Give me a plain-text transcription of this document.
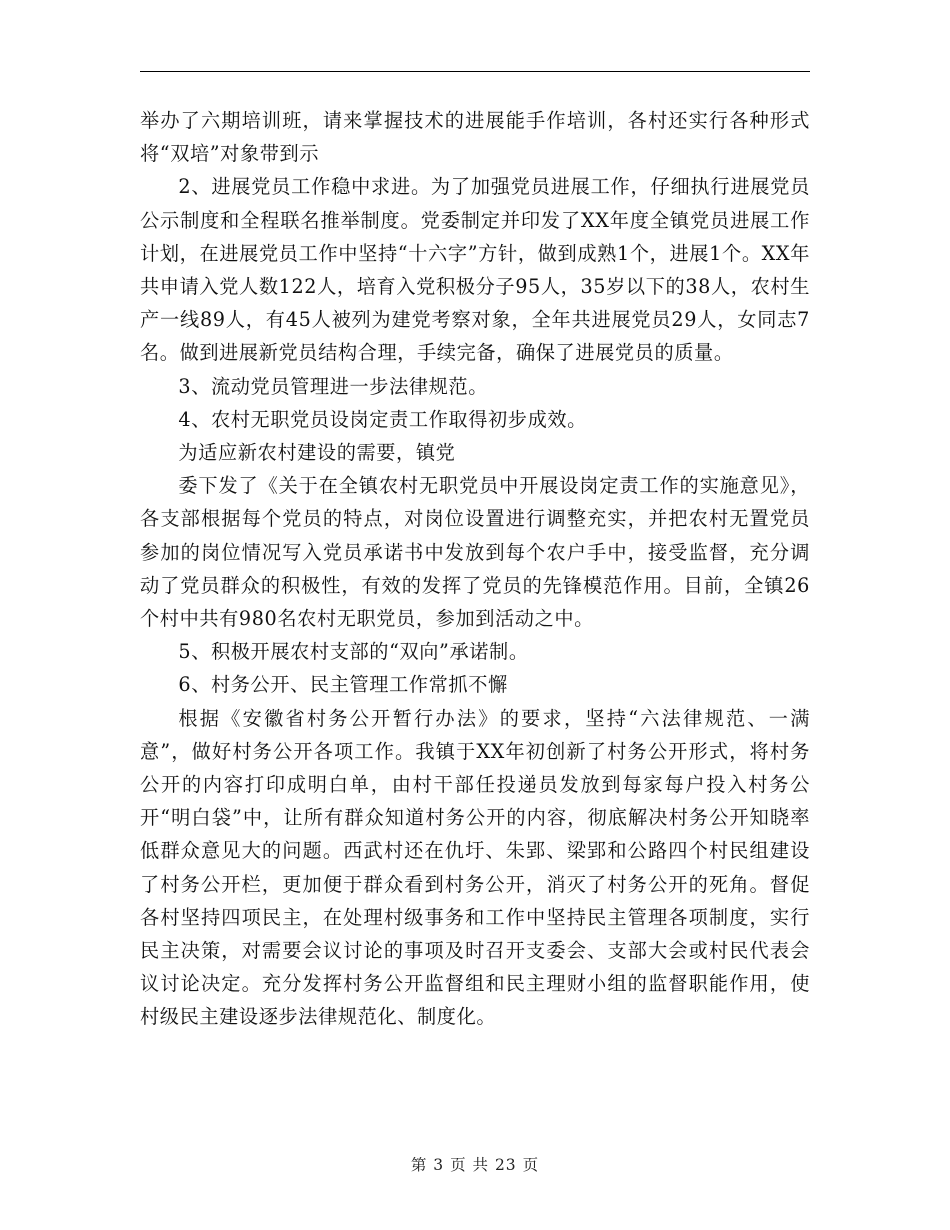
举办了六期培训班，请来掌握技术的进展能手作培训，各村还实行各种形式将“双培”对象带到示

2、进展党员工作稳中求进。为了加强党员进展工作，仔细执行进展党员公示制度和全程联名推举制度。党委制定并印发了XX年度全镇党员进展工作计划，在进展党员工作中坚持“十六字”方针，做到成熟1个，进展1个。XX年共申请入党人数122人，培育入党积极分子95人，35岁以下的38人，农村生产一线89人，有45人被列为建党考察对象，全年共进展党员29人，女同志7名。做到进展新党员结构合理，手续完备，确保了进展党员的质量。

3、流动党员管理进一步法律规范。

4、农村无职党员设岗定责工作取得初步成效。

为适应新农村建设的需要，镇党

委下发了《关于在全镇农村无职党员中开展设岗定责工作的实施意见》，各支部根据每个党员的特点，对岗位设置进行调整充实，并把农村无置党员参加的岗位情况写入党员承诺书中发放到每个农户手中，接受监督，充分调动了党员群众的积极性，有效的发挥了党员的先锋模范作用。目前，全镇26个村中共有980名农村无职党员，参加到活动之中。

5、积极开展农村支部的“双向”承诺制。

6、村务公开、民主管理工作常抓不懈

根据《安徽省村务公开暂行办法》的要求，坚持“六法律规范、一满意”，做好村务公开各项工作。我镇于XX年初创新了村务公开形式，将村务公开的内容打印成明白单，由村干部任投递员发放到每家每户投入村务公开“明白袋”中，让所有群众知道村务公开的内容，彻底解决村务公开知晓率低群众意见大的问题。西武村还在仇圩、朱郢、梁郢和公路四个村民组建设了村务公开栏，更加便于群众看到村务公开，消灭了村务公开的死角。督促各村坚持四项民主，在处理村级事务和工作中坚持民主管理各项制度，实行民主决策，对需要会议讨论的事项及时召开支委会、支部大会或村民代表会议讨论决定。充分发挥村务公开监督组和民主理财小组的监督职能作用，使村级民主建设逐步法律规范化、制度化。

第 3 页 共 23 页
